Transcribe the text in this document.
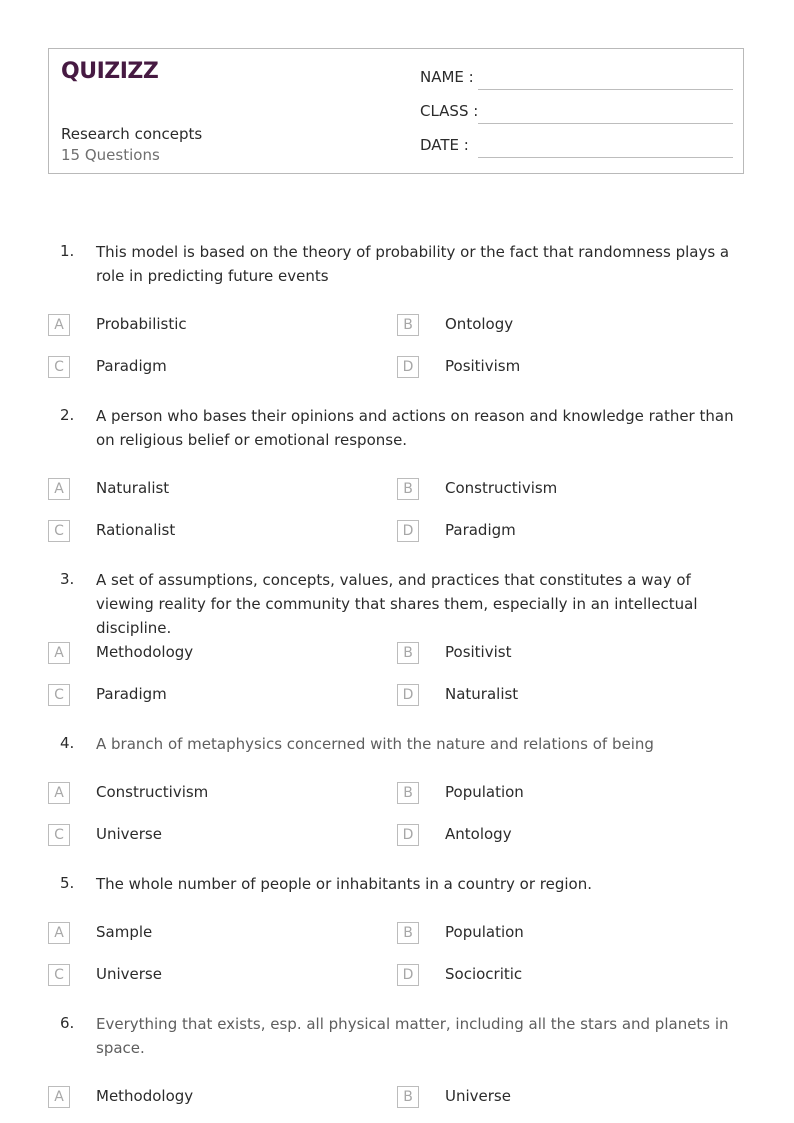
QUIZIZZ
Research concepts
15 Questions
NAME :
CLASS :
DATE :
1. This model is based on the theory of probability or the fact that randomness plays a role in predicting future events
A	Probabilistic	B	Ontology
C	Paradigm	D	Positivism
2. A person who bases their opinions and actions on reason and knowledge rather than on religious belief or emotional response.
A	Naturalist	B	Constructivism
C	Rationalist	D	Paradigm
3. A set of assumptions, concepts, values, and practices that constitutes a way of viewing reality for the community that shares them, especially in an intellectual discipline.
A	Methodology	B	Positivist
C	Paradigm	D	Naturalist
4. A branch of metaphysics concerned with the nature and relations of being
A	Constructivism	B	Population
C	Universe	D	Antology
5. The whole number of people or inhabitants in a country or region.
A	Sample	B	Population
C	Universe	D	Sociocritic
6. Everything that exists, esp. all physical matter, including all the stars and planets in space.
A	Methodology	B	Universe
